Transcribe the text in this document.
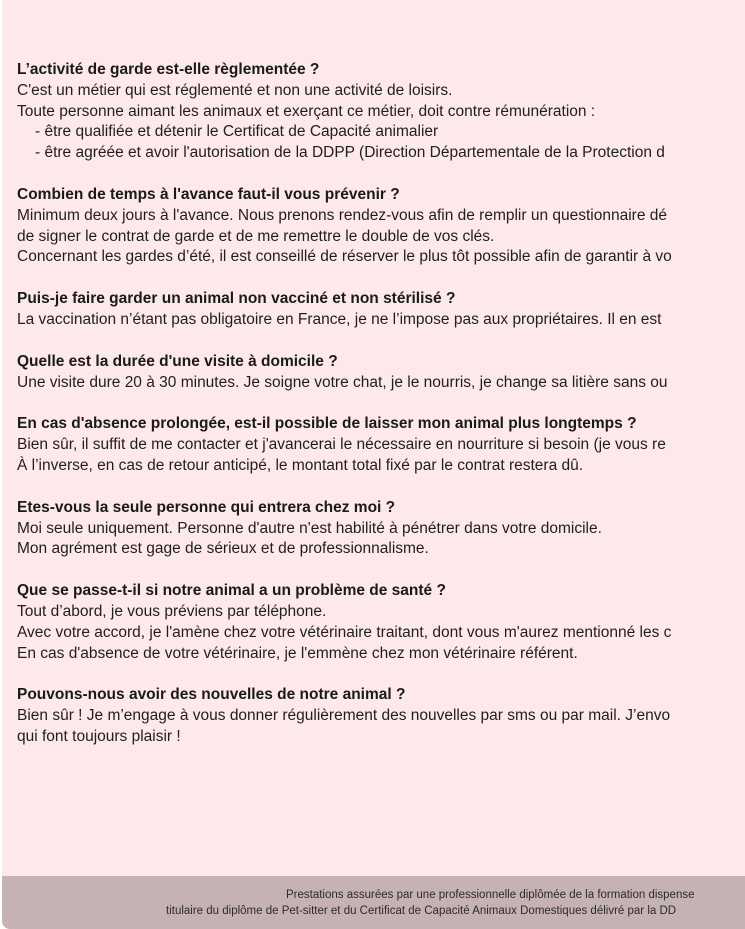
L’activité de garde est-elle règlementée ?
C'est un métier qui est réglementé et non une activité de loisirs.
Toute personne aimant les animaux et exerçant ce métier, doit contre rémunération :
- être qualifiée et détenir le Certificat de Capacité animalier
- être agréée et avoir l'autorisation de la DDPP (Direction Départementale de la Protection d
Combien de temps à l'avance faut-il vous prévenir ?
Minimum deux jours à l'avance. Nous prenons rendez-vous afin de remplir un questionnaire dé
de signer le contrat de garde et de me remettre le double de vos clés.
Concernant les gardes d’été, il est conseillé de réserver le plus tôt possible afin de garantir à vo
Puis-je faire garder un animal non vacciné et non stérilisé ?
La vaccination n’étant pas obligatoire en France, je ne l’impose pas aux propriétaires. Il en est
Quelle est la durée d'une visite à domicile ?
Une visite dure 20 à 30 minutes. Je soigne votre chat, je le nourris, je change sa litière sans ou
En cas d'absence prolongée, est-il possible de laisser mon animal plus longtemps ?
Bien sûr, il suffit de me contacter et j'avancerai le nécessaire en nourriture si besoin (je vous re
À l’inverse, en cas de retour anticipé, le montant total fixé par le contrat restera dû.
Etes-vous la seule personne qui entrera chez moi ?
Moi seule uniquement. Personne d'autre n'est habilité à pénétrer dans votre domicile.
Mon agrément est gage de sérieux et de professionnalisme.
Que se passe-t-il si notre animal a un problème de santé ?
Tout d’abord, je vous préviens par téléphone.
Avec votre accord, je l'amène chez votre vétérinaire traitant, dont vous m'aurez mentionné les c
En cas d'absence de votre vétérinaire, je l'emmène chez mon vétérinaire référent.
Pouvons-nous avoir des nouvelles de notre animal ?
Bien sûr ! Je m’engage à vous donner régulièrement des nouvelles par sms ou par mail. J’envo
qui font toujours plaisir !
Prestations assurées par une professionnelle diplômée de la formation dispense
titulaire du diplôme de Pet-sitter et du Certificat de Capacité Animaux Domestiques délivré par la DD
